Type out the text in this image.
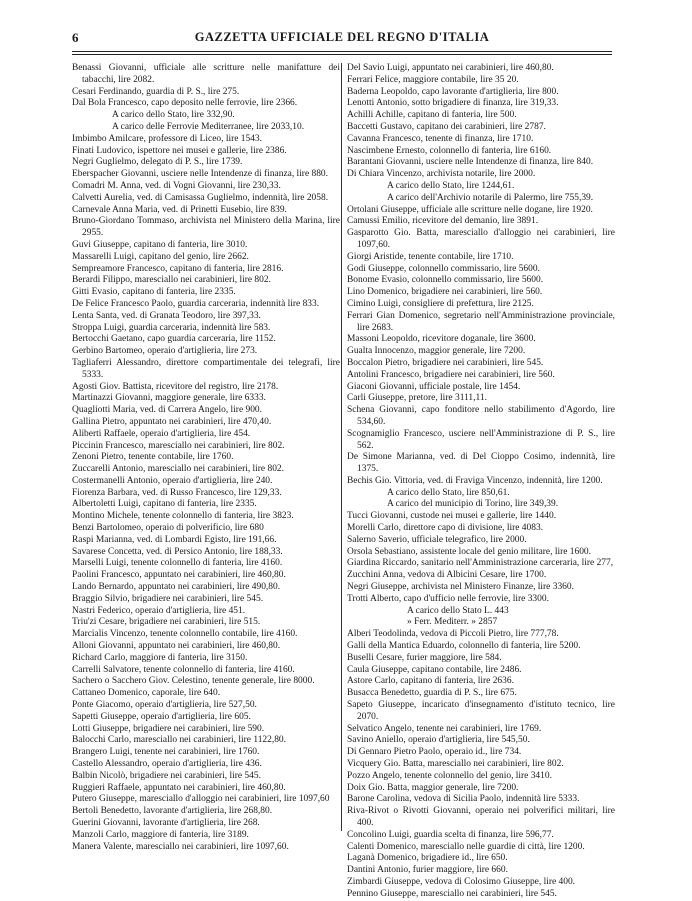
6	GAZZETTA UFFICIALE DEL REGNO D'ITALIA
Benassi Giovanni, ufficiale alle scritture nelle manifatture dei tabacchi, lire 2082.
Cesari Ferdinando, guardia di P. S., lire 275.
Dal Bola Francesco, capo deposito nelle ferrovie, lire 2366.
A carico dello Stato, lire 332,90.
A carico delle Ferrovie Mediterranee, lire 2033,10.
Imbimbo Amilcare, professore di Liceo, lire 1543.
Finati Ludovico, ispettore nei musei e gallerie, lire 2386.
Negri Guglielmo, delegato di P. S., lire 1739.
Eberspacher Giovanni, usciere nelle Intendenze di finanza, lire 880.
Comadri M. Anna, ved. di Vogni Giovanni, lire 230,33.
Calvetti Aurelia, ved. di Camisassa Guglielmo, indennità, lire 2058.
Carnevale Anna Maria, ved. di Prinetti Eusebio, lire 839.
Bruno-Giordano Tommaso, archivista nel Ministero della Marina, lire 2955.
Guvi Giuseppe, capitano di fanteria, lire 3010.
Massarelli Luigi, capitano del genio, lire 2662.
Sempreamore Francesco, capitano di fanteria, lire 2816.
Berardi Filippo, maresciallo nei carabinieri, lire 802.
Gitti Evasio, capitano di fanteria, lire 2335.
De Felice Francesco Paolo, guardia carceraria, indennità lire 833.
Lenta Santa, ved. di Granata Teodoro, lire 397,33.
Stroppa Luigi, guardia carceraria, indennità lire 583.
Bertocchi Gaetano, capo guardia carceraria, lire 1152.
Gerbino Bartomeo, operaio d'artiglieria, lire 273.
Tagliaferri Alessandro, direttore compartimentale dei telegrafi, lire 5333.
Agosti Giov. Battista, ricevitore del registro, lire 2178.
Martinazzi Giovanni, maggiore generale, lire 6333.
Quagliotti Maria, ved. di Carrera Angelo, lire 900.
Gallina Pietro, appuntato nei carabinieri, lire 470,40.
Aliberti Raffaele, operaio d'artiglieria, lire 454.
Piccinin Francesco, maresciallo nei carabinieri, lire 802.
Zenoni Pietro, tenente contabile, lire 1760.
Zuccarelli Antonio, maresciallo nei carabinieri, lire 802.
Costermanelli Antonio, operaio d'artiglieria, lire 240.
Fiorenza Barbara, ved. di Russo Francesco, lire 129,33.
Albertoletti Luigi, capitano di fanteria, lire 2335.
Montino Michele, tenente colonnello di fanteria, lire 3823.
Benzi Bartolomeo, operaio di polverificio, lire 680
Raspi Marianna, ved. di Lombardi Egisto, lire 191,66.
Savarese Concetta, ved. di Persico Antonio, lire 188,33.
Marselli Luigi, tenente colonnello di fanteria, lire 4160.
Paolini Francesco, appuntato nei carabinieri, lire 460,80.
Lando Bernardo, appuntato nei carabinieri, lire 490,80.
Braggio Silvio, brigadiere nei carabinieri, lire 545.
Nastri Federico, operaio d'artiglieria, lire 451.
Triu'zi Cesare, brigadiere nei carabinieri, lire 515.
Marcialis Vincenzo, tenente colonnello contabile, lire 4160.
Alloni Giovanni, appuntato nei carabinieri, lire 460,80.
Richard Carlo, maggiore di fanteria, lire 3150.
Carrelli Salvatore, tenente colonnello di fanteria, lire 4160.
Sachero o Sacchero Giov. Celestino, tenente generale, lire 8000.
Cattaneo Domenico, caporale, lire 640.
Ponte Giacomo, operaio d'artiglieria, lire 527,50.
Sapetti Giuseppe, operaio d'artiglieria, lire 605.
Lotti Giuseppe, brigadiere nei carabinieri, lire 590.
Balocchi Carlo, maresciallo nei carabinieri, lire 1122,80.
Brangero Luigi, tenente nei carabinieri, lire 1760.
Castello Alessandro, operaio d'artiglieria, lire 436.
Balbin Nicolò, brigadiere nei carabinieri, lire 545.
Ruggieri Raffaele, appuntato nei carabinieri, lire 460,80.
Putero Giuseppe, maresciallo d'alloggio nei carabinieri, lire 1097,60
Bertoli Benedetto, lavorante d'artiglieria, lire 268,80.
Guerini Giovanni, lavorante d'artiglieria, lire 268.
Manzoli Carlo, maggiore di fanteria, lire 3189.
Manera Valente, maresciallo nei carabinieri, lire 1097,60.
Del Savio Luigi, appuntato nei carabinieri, lire 460,80.
Ferrari Felice, maggiore contabile, lire 35 20.
Baderna Leopoldo, capo lavorante d'artiglieria, lire 800.
Lenotti Antonio, sotto brigadiere di finanza, lire 319,33.
Achilli Achille, capitano di fanteria, lire 500.
Baccetti Gustavo, capitano dei carabinieri, lire 2787.
Cavanna Francesco, tenente di finanza, lire 1710.
Nascimbene Ernesto, colonnello di fanteria, lire 6160.
Barantani Giovanni, usciere nelle Intendenze di finanza, lire 840.
Di Chiara Vincenzo, archivista notarile, lire 2000.
A carico dello Stato, lire 1244,61.
A carico dell'Archivio notarile di Palermo, lire 755,39.
Ortolani Giuseppe, ufficiale alle scritture nelle dogane, lire 1920.
Camussi Emilio, ricevitore del demanio, lire 3891.
Gasparotto Gio. Batta, maresciallo d'alloggio nei carabinieri, lire 1097,60.
Giorgi Aristide, tenente contabile, lire 1710.
Godi Giuseppe, colonnello commissario, lire 5600.
Bonome Evasio, colonnello commissario, lire 5600.
Lino Domenico, brigadiere nei carabinieri, lire 560.
Cimino Luigi, consigliere di prefettura, lire 2125.
Ferrari Gian Domenico, segretario nell'Amministrazione provinciale, lire 2683.
Massoni Leopoldo, ricevitore doganale, lire 3600.
Gualta Innocenzo, maggior generale, lire 7200.
Boccalon Pietro, brigadiere nei carabinieri, lire 545.
Antolini Francesco, brigadiere nei carabinieri, lire 560.
Giaconi Giovanni, ufficiale postale, lire 1454.
Carli Giuseppe, pretore, lire 3111,11.
Schena Giovanni, capo fonditore nello stabilimento d'Agordo, lire 534,60.
Scognamiglio Francesco, usciere nell'Amministrazione di P. S., lire 562.
De Simone Marianna, ved. di Del Cioppo Cosimo, indennità, lire 1375.
Bechis Gio. Vittoria, ved. di Fraviga Vincenzo, indennità, lire 1200.
A carico dello Stato, lire 850,61.
A carico del municipio di Torino, lire 349,39.
Tucci Giovanni, custode nei musei e gallerie, lire 1440.
Morelli Carlo, direttore capo di divisione, lire 4083.
Salerno Saverio, ufficiale telegrafico, lire 2000.
Orsola Sebastiano, assistente locale del genio militare, lire 1600.
Giardina Riccardo, sanitario nell'Amministrazione carceraria, lire 277,
Zucchini Anna, vedova di Albicini Cesare, lire 1700.
Negri Giuseppe, archivista nel Ministero Finanze, lire 3360.
Trotti Alberto, capo d'ufficio nelle ferrovie, lire 3300.
A carico dello Stato L. 443
» Ferr. Mediterr. » 2857
Alberi Teodolinda, vedova di Piccoli Pietro, lire 777,78.
Galli della Mantica Eduardo, colonnello di fanteria, lire 5200.
Buselli Cesare, furier maggiore, lire 584.
Caula Giuseppe, capitano contabile, lire 2486.
Astore Carlo, capitano di fanteria, lire 2636.
Busacca Benedetto, guardia di P. S., lire 675.
Sapeto Giuseppe, incaricato d'insegnamento d'istituto tecnico, lire 2070.
Selvatico Angelo, tenente nei carabinieri, lire 1769.
Savino Aniello, operaio d'artiglieria, lire 545,50.
Di Gennaro Pietro Paolo, operaio id., lire 734.
Vicquery Gio. Batta, maresciallo nei carabinieri, lire 802.
Pozzo Angelo, tenente colonnello del genio, lire 3410.
Doix Gio. Batta, maggior generale, lire 7200.
Barone Carolina, vedova di Sicilia Paolo, indennità lire 5333.
Riva-Rivot o Rivotti Giovanni, operaio nei polverifici militari, lire 400.
Concolino Luigi, guardia scelta di finanza, lire 596,77.
Calenti Domenico, maresciallo nelle guardie di città, lire 1200.
Laganà Domenico, brigadiere id., lire 650.
Dantini Antonio, furier maggiore, lire 660.
Zimbardi Giuseppe, vedova di Colosimo Giuseppe, lire 400.
Pennino Giuseppe, maresciallo nei carabinieri, lire 545.
